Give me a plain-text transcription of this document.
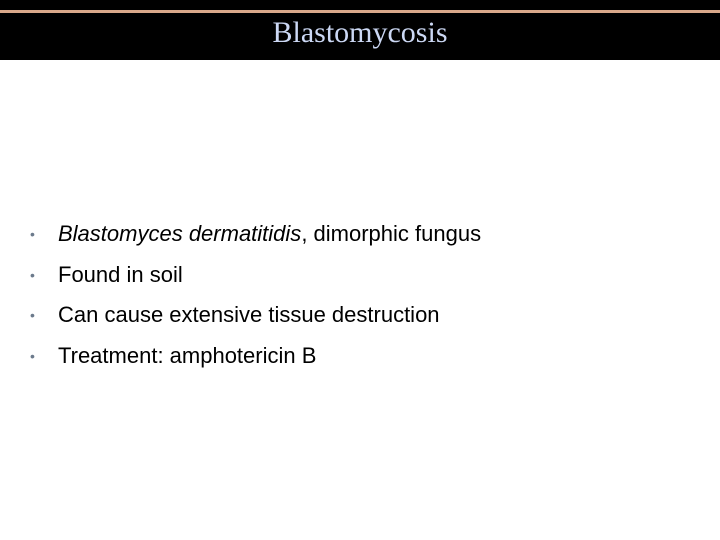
Blastomycosis
•	Blastomyces dermatitidis, dimorphic fungus
•	Found in soil
•	Can cause extensive tissue destruction
•	Treatment: amphotericin B
